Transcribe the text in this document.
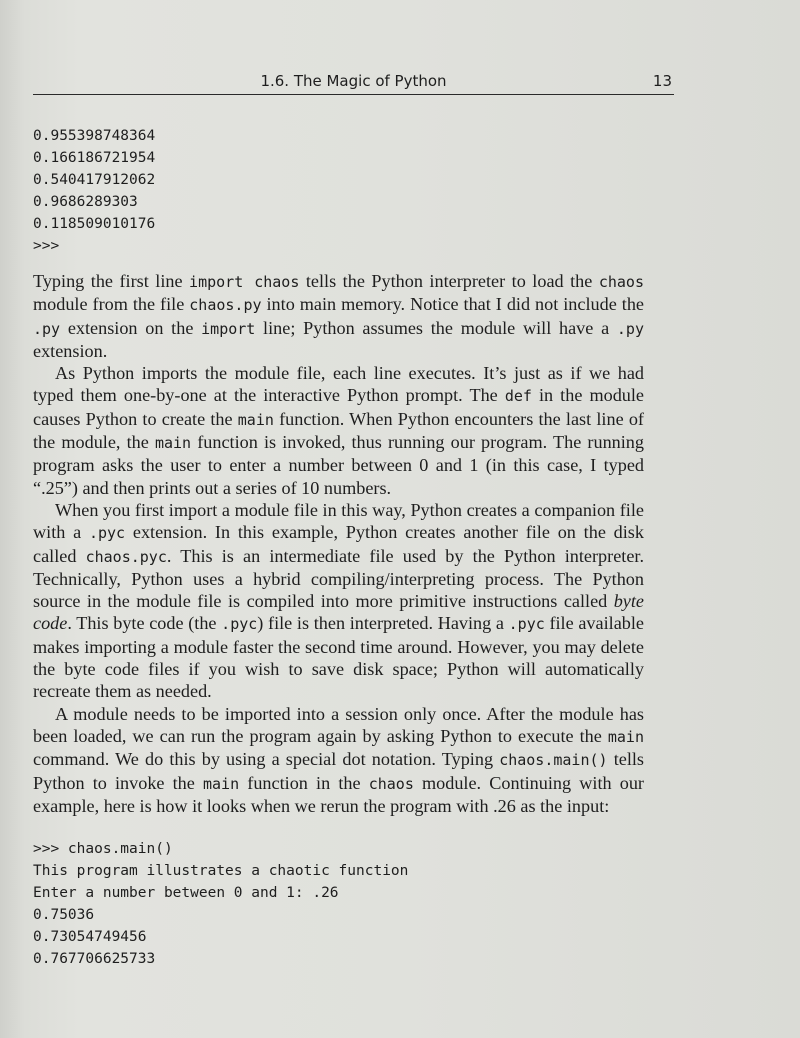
1.6. The Magic of Python	13
0.955398748364
0.166186721954
0.540417912062
0.9686289303
0.118509010176
>>>

Typing the first line import chaos tells the Python interpreter to load the chaos module from the file chaos.py into main memory. Notice that I did not include the .py extension on the import line; Python assumes the module will have a .py extension.

As Python imports the module file, each line executes. It’s just as if we had typed them one-by-one at the interactive Python prompt. The def in the module causes Python to create the main function. When Python encounters the last line of the module, the main function is invoked, thus running our program. The running program asks the user to enter a number between 0 and 1 (in this case, I typed “.25”) and then prints out a series of 10 numbers.

When you first import a module file in this way, Python creates a companion file with a .pyc extension. In this example, Python creates another file on the disk called chaos.pyc. This is an intermediate file used by the Python interpreter. Technically, Python uses a hybrid compiling/interpreting process. The Python source in the module file is compiled into more primitive instructions called byte code. This byte code (the .pyc) file is then interpreted. Having a .pyc file available makes importing a module faster the second time around. However, you may delete the byte code files if you wish to save disk space; Python will automatically recreate them as needed.

A module needs to be imported into a session only once. After the module has been loaded, we can run the program again by asking Python to execute the main command. We do this by using a special dot notation. Typing chaos.main() tells Python to invoke the main function in the chaos module. Continuing with our example, here is how it looks when we rerun the program with .26 as the input:

>>> chaos.main()
This program illustrates a chaotic function
Enter a number between 0 and 1: .26
0.75036
0.73054749456
0.767706625733
